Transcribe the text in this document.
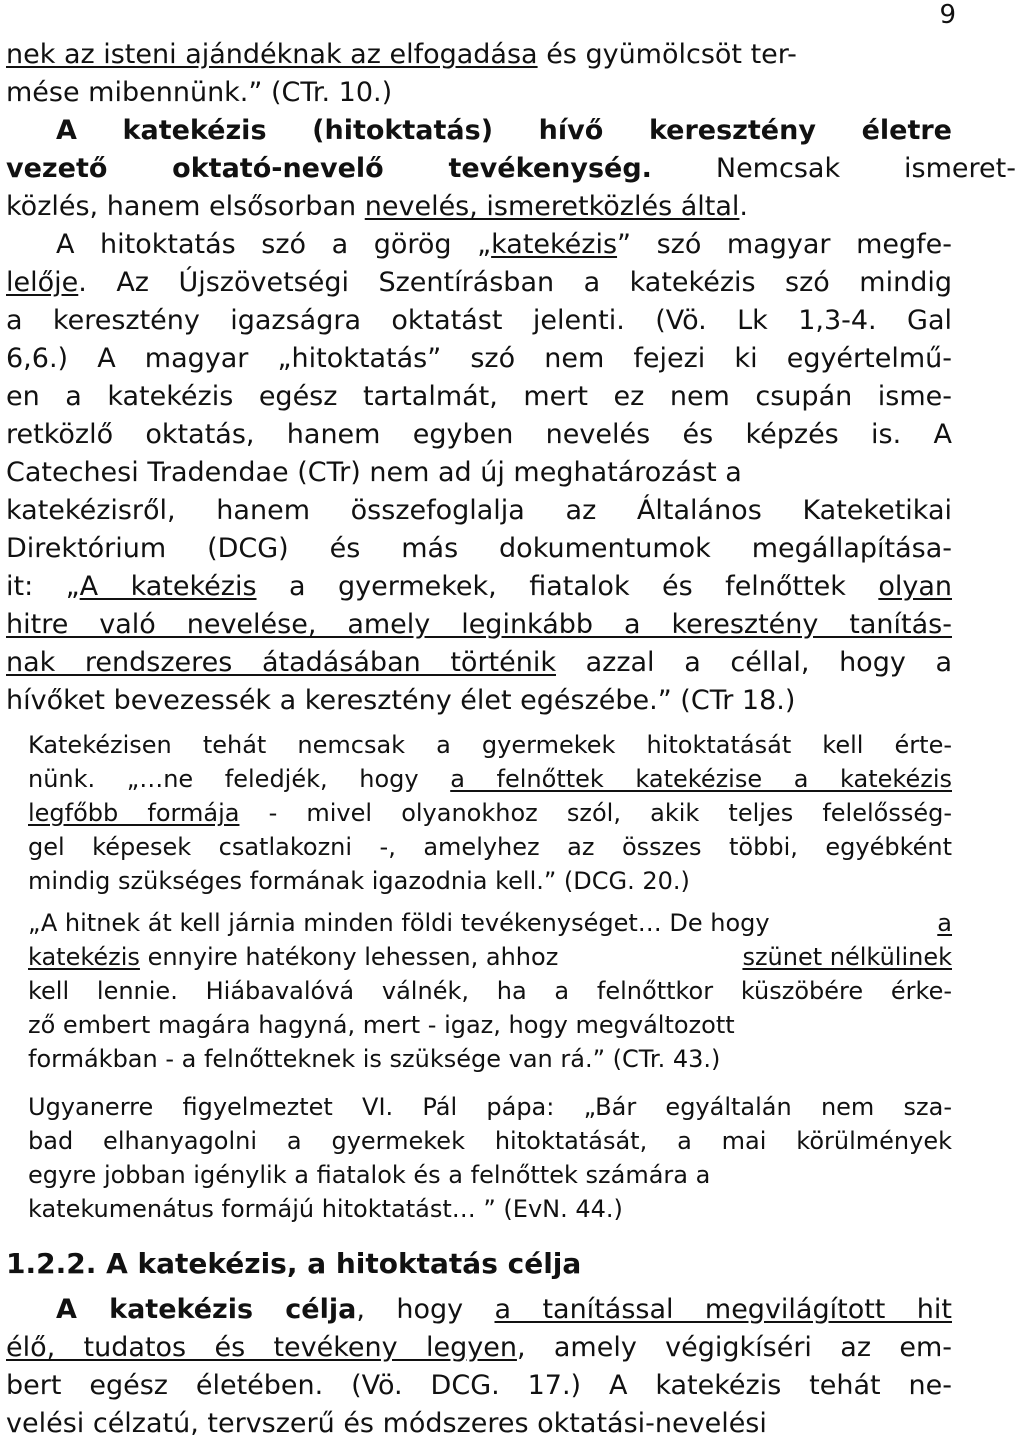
9
nek az isteni ajándéknak az elfogadása és gyümölcsöt ter-
mése mibennünk.” (CTr. 10.)
A katekézis (hitoktatás) hívő keresztény életre
vezető oktató-nevelő tevékenység.
Nemcsak ismeret-
közlés, hanem elsősorban nevelés, ismeretközlés által .
A hitoktatás szó a görög „ katekézis ” szó magyar megfe-
lelője . Az Újszövetségi Szentírásban a katekézis szó mindig
a keresztény igazságra oktatást jelenti. (Vö. Lk 1,3-4. Gal
6,6.) A magyar „hitoktatás” szó nem fejezi ki egyértelmű-
en a katekézis egész tartalmát, mert ez nem csupán isme-
retközlő oktatás, hanem egyben nevelés és képzés is. A
Catechesi Tradendae (CTr) nem ad új meghatározást a
katekézisről, hanem összefoglalja az Általános Kateketikai
Direktórium (DCG) és más dokumentumok megállapítása-
it: „ A katekézis a gyermekek, fiatalok és felnőttek olyan
hitre való nevelése, amely leginkább a keresztény tanítás-
nak rendszeres átadásában történik azzal a céllal, hogy a
hívőket bevezessék a keresztény élet egészébe.” (CTr 18.)
Katekézisen tehát nemcsak a gyermekek hitoktatását kell érte-
nünk. „…ne feledjék, hogy a felnőttek katekézise a katekézis
legfőbb formája - mivel olyanokhoz szól, akik teljes felelősség-
gel képesek csatlakozni -, amelyhez az összes többi, egyébként
mindig szükséges formának igazodnia kell.” (DCG. 20.)
„A hitnek át kell járnia minden földi tevékenységet… De hogy	a
katekézis ennyire hatékony lehessen, ahhoz	szünet nélkülinek
kell lennie. Hiábavalóvá válnék, ha a felnőttkor küszöbére érke-
ző embert magára hagyná, mert - igaz, hogy megváltozott
formákban - a felnőtteknek is szüksége van rá.” (CTr. 43.)
Ugyanerre figyelmeztet VI. Pál pápa: „Bár egyáltalán nem sza-
bad elhanyagolni a gyermekek hitoktatását, a mai körülmények
egyre jobban igénylik a fiatalok és a felnőttek számára a
katekumenátus formájú hitoktatást… ” (EvN. 44.)
1.2.2. A katekézis, a hitoktatás célja
A katekézis célja , hogy a tanítással megvilágított hit
élő, tudatos és tevékeny legyen , amely végigkíséri az em-
bert egész életében. (Vö. DCG. 17.) A katekézis tehát ne-
velési célzatú, tervszerű és módszeres oktatási-nevelési
